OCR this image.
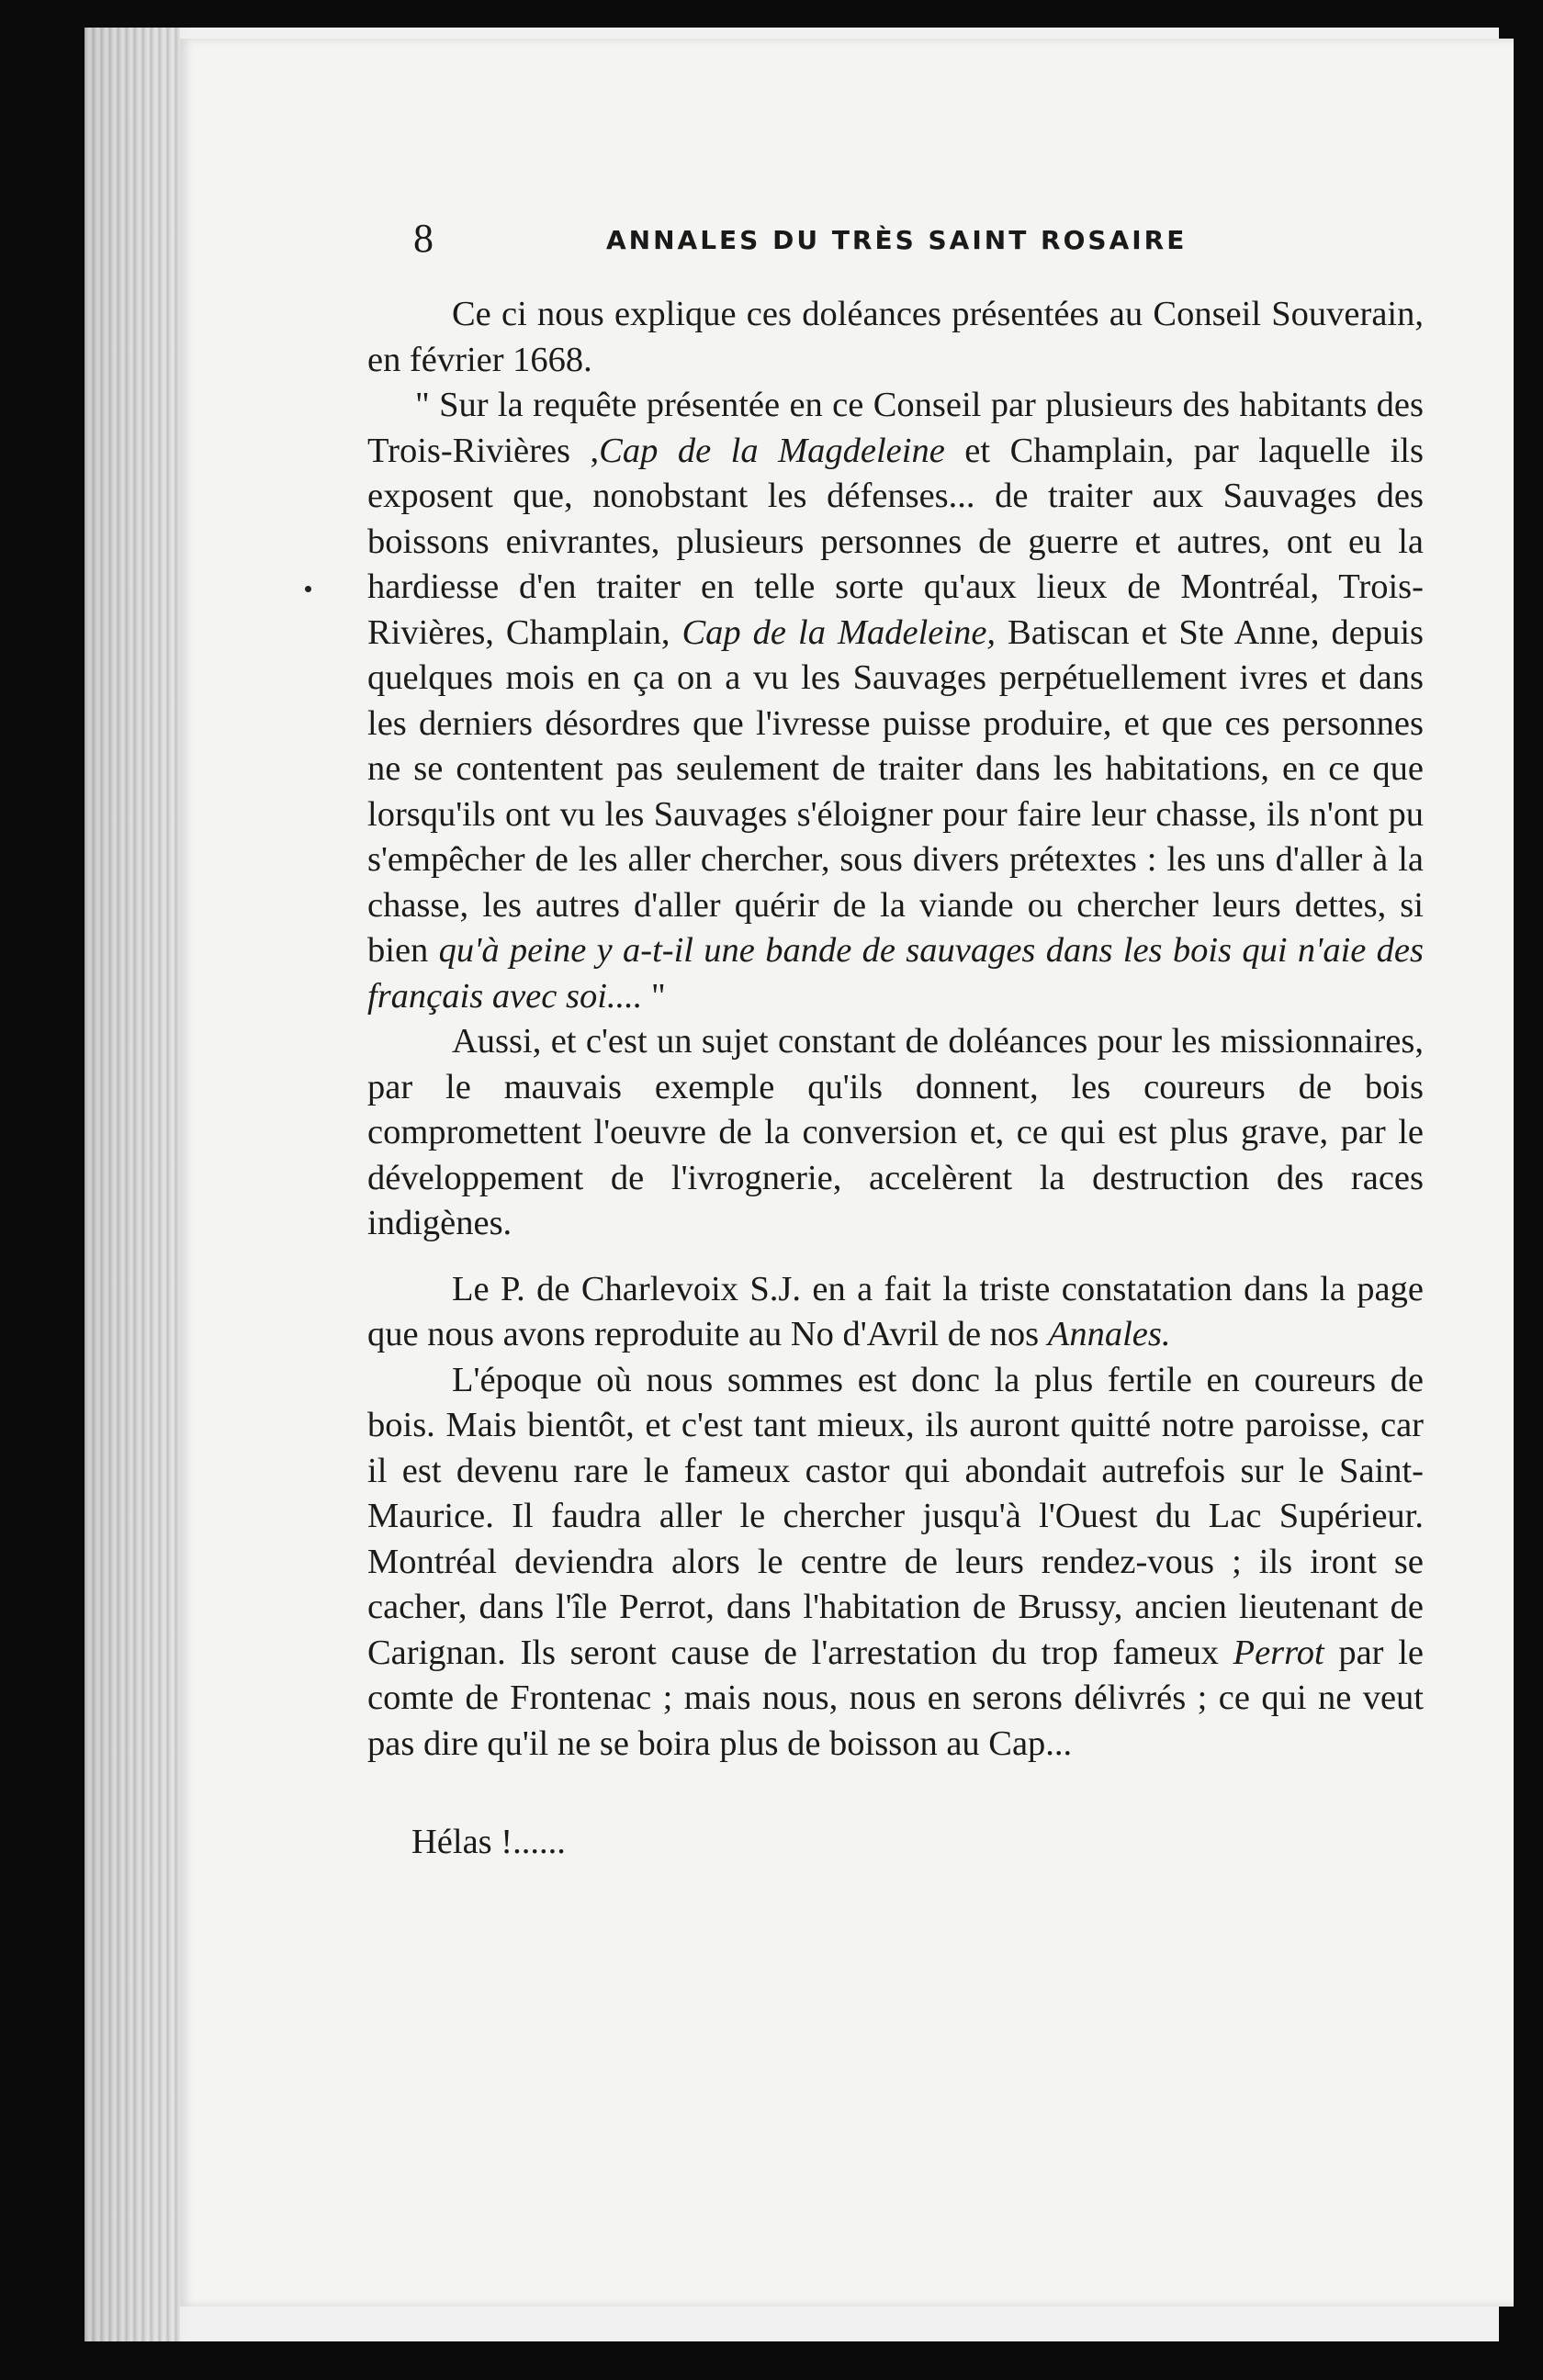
8	ANNALES DU TRÈS SAINT ROSAIRE

Ce ci nous explique ces doléances présentées au Conseil Souverain, en février 1668.

" Sur la requête présentée en ce Conseil par plusieurs des habitants des Trois-Rivières ,Cap de la Magdeleine et Champlain, par laquelle ils exposent que, nonobstant les défenses... de traiter aux Sauvages des boissons enivrantes, plusieurs personnes de guerre et autres, ont eu la hardiesse d'en traiter en telle sorte qu'aux lieux de Montréal, Trois-Rivières, Champlain, Cap de la Madeleine, Batiscan et Ste Anne, depuis quelques mois en ça on a vu les Sauvages perpétuellement ivres et dans les derniers désordres que l'ivresse puisse produire, et que ces personnes ne se contentent pas seulement de traiter dans les habitations, en ce que lorsqu'ils ont vu les Sauvages s'éloigner pour faire leur chasse, ils n'ont pu s'empêcher de les aller chercher, sous divers prétextes : les uns d'aller à la chasse, les autres d'aller quérir de la viande ou chercher leurs dettes, si bien qu'à peine y a-t-il une bande de sauvages dans les bois qui n'aie des français avec soi.... "

Aussi, et c'est un sujet constant de doléances pour les missionnaires, par le mauvais exemple qu'ils donnent, les coureurs de bois compromettent l'oeuvre de la conversion et, ce qui est plus grave, par le développement de l'ivrognerie, accelèrent la destruction des races indigènes.

Le P. de Charlevoix S.J. en a fait la triste constatation dans la page que nous avons reproduite au No d'Avril de nos Annales.

L'époque où nous sommes est donc la plus fertile en coureurs de bois. Mais bientôt, et c'est tant mieux, ils auront quitté notre paroisse, car il est devenu rare le fameux castor qui abondait autrefois sur le Saint-Maurice. Il faudra aller le chercher jusqu'à l'Ouest du Lac Supérieur. Montréal deviendra alors le centre de leurs rendez-vous ; ils iront se cacher, dans l'île Perrot, dans l'habitation de Brussy, ancien lieutenant de Carignan. Ils seront cause de l'arrestation du trop fameux Perrot par le comte de Frontenac ; mais nous, nous en serons délivrés ; ce qui ne veut pas dire qu'il ne se boira plus de boisson au Cap...

Hélas !......
